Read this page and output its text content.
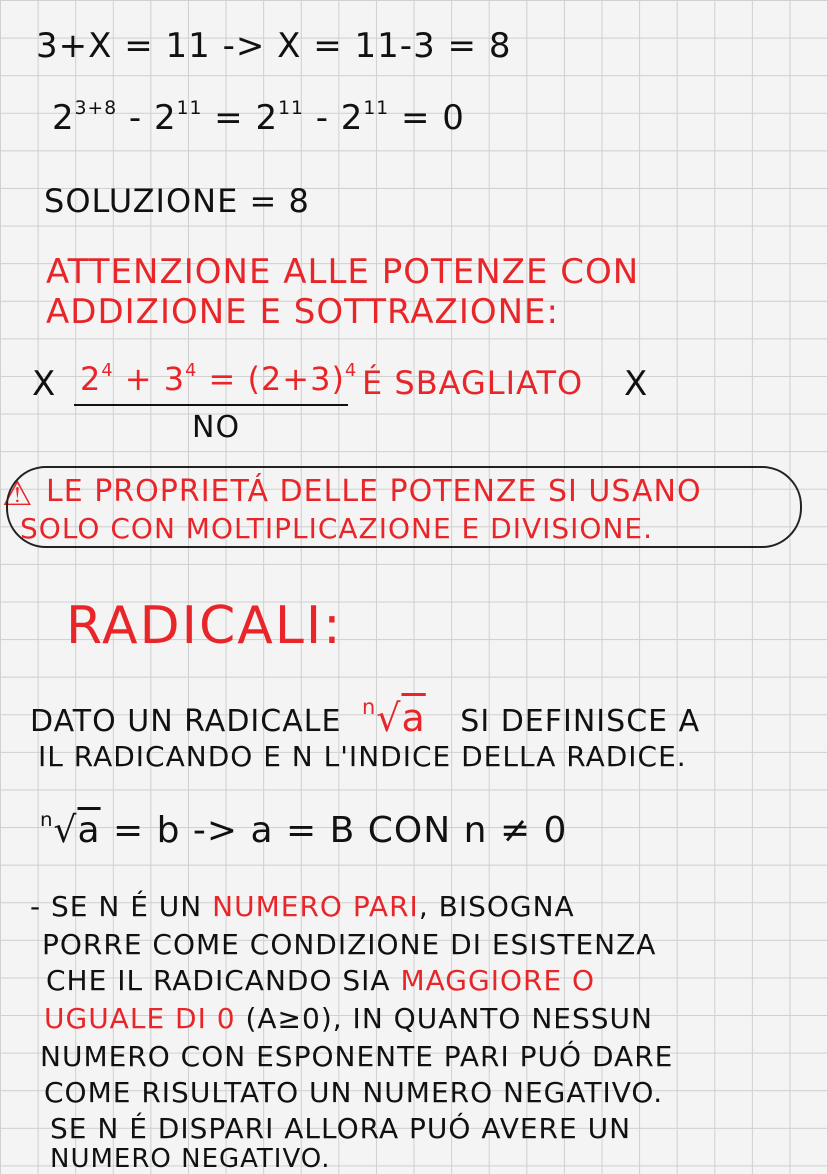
3+X = 11 -> X = 11-3 = 8
$2^{3+8} - 2^{11} = 2^{11} - 2^{11} = 0$
SOLUZIONE = 8
ATTENZIONE ALLE POTENZE CON
ADDIZIONE E SOTTRAZIONE:
X $2^4 + 3^4 = (2+3)^4$ É SBAGLIATO X
NO
⚠ LE PROPRIETÁ DELLE POTENZE SI USANO
SOLO CON MOLTIPLICAZIONE E DIVISIONE.
RADICALI:
DATO UN RADICALE $^n$√a SI DEFINISCE A
IL RADICANDO E N L'INDICE DELLA RADICE.
$^n$√a = b -> a = B CON n ≠ 0
- SE N É UN NUMERO PARI, BISOGNA
PORRE COME CONDIZIONE DI ESISTENZA
CHE IL RADICANDO SIA MAGGIORE O
UGUALE DI 0 (A≥0), IN QUANTO NESSUN
NUMERO CON ESPONENTE PARI PUÓ DARE
COME RISULTATO UN NUMERO NEGATIVO.
SE N É DISPARI ALLORA PUÓ AVERE UN
NUMERO NEGATIVO.
